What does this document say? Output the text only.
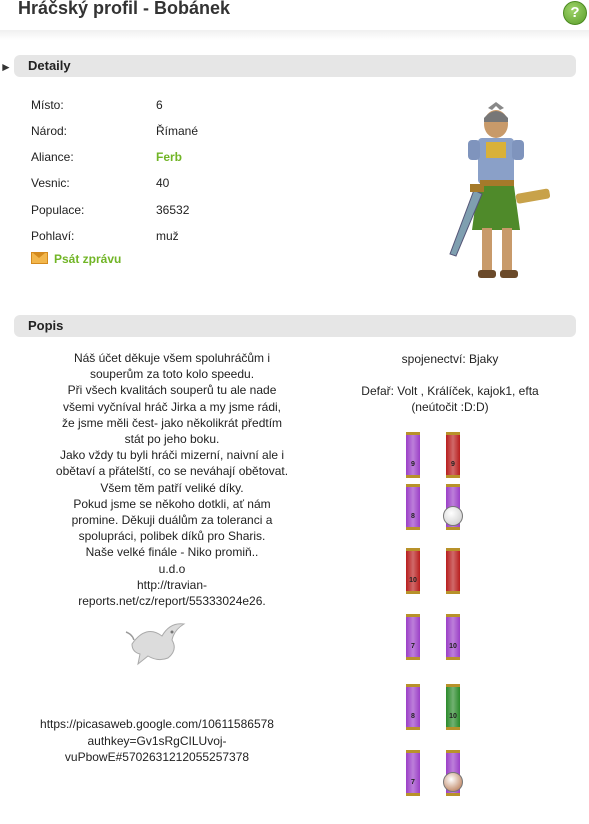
Hráčský profil - Bobánek	?
► Detaily
Místo:	6
Národ:	Římané
Aliance:	Ferb
Vesnic:	40
Populace:	36532
Pohlaví:	muž
Psát zprávu
Popis
Náš účet děkuje všem spoluhráčům i
souperům za toto kolo speedu.
Při všech kvalitách souperů tu ale nade
všemi vyčníval hráč Jirka a my jsme rádi,
že jsme měli čest- jako několikrát předtím
stát po jeho boku.
Jako vždy tu byli hráči mizerní, naivní ale i
obětaví a přátelští, co se neváhají obětovat.
Všem těm patří veliké díky.
Pokud jsme se někoho dotkli, ať nám
promine. Děkuji duálům za toleranci a
spolupráci, polibek díků pro Sharis.
Naše velké finále - Niko promiň..
u.d.o
http://travian-
reports.net/cz/report/55333024e26.
https://picasaweb.google.com/10611586578
authkey=Gv1sRgCILUvoj-
vuPbowE#5702631212055257378
spojenectví: Bjaky
Defař: Volt , Králíček, kajok1, efta
(neútočit :D:D)
9	9
8
10
7	10
8	10
7
